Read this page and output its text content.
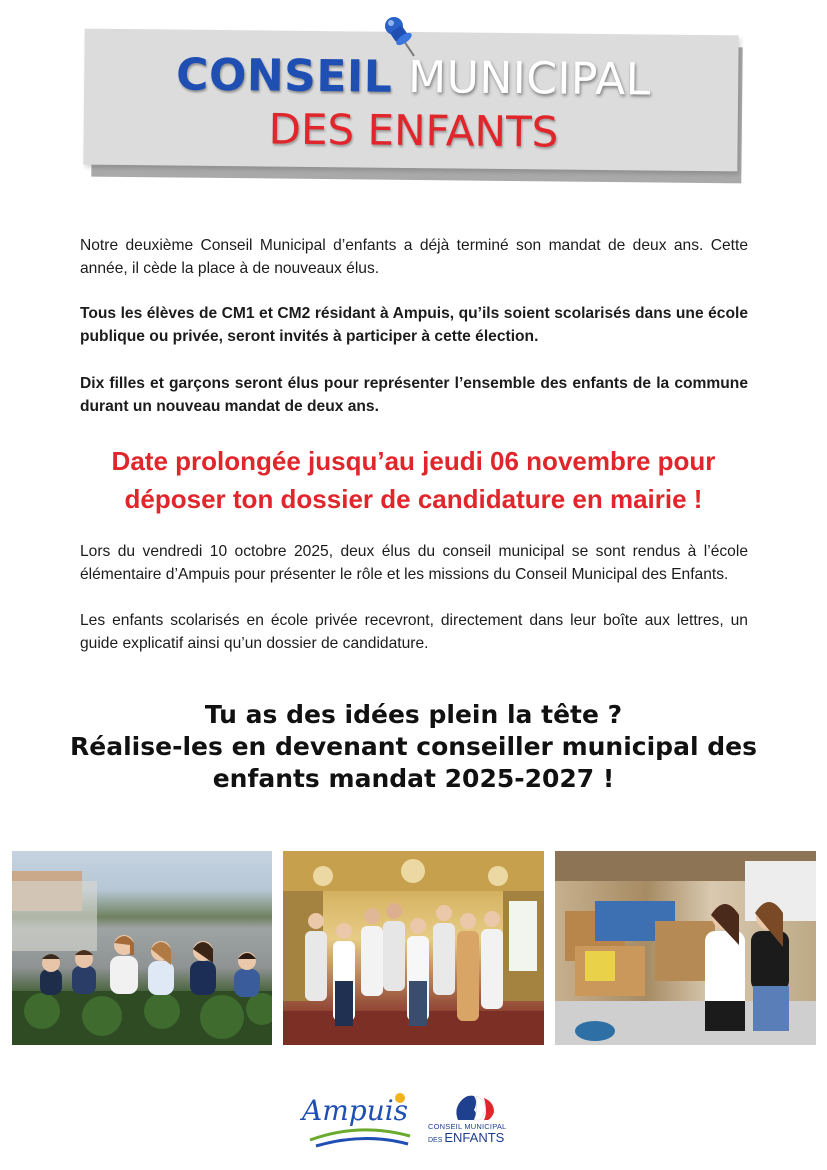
CONSEIL MUNICIPAL
DES ENFANTS

Notre deuxième Conseil Municipal d’enfants a déjà terminé son mandat de deux ans. Cette année, il cède la place à de nouveaux élus.

Tous les élèves de CM1 et CM2 résidant à Ampuis, qu’ils soient scolarisés dans une école publique ou privée, seront invités à participer à cette élection.

Dix filles et garçons seront élus pour représenter l’ensemble des enfants de la commune durant un nouveau mandat de deux ans.

Date prolongée jusqu’au jeudi 06 novembre pour
déposer ton dossier de candidature en mairie !

Lors du vendredi 10 octobre 2025, deux élus du conseil municipal se sont rendus à l’école élémentaire d’Ampuis pour présenter le rôle et les missions du Conseil Municipal des Enfants.

Les enfants scolarisés en école privée recevront, directement dans leur boîte aux lettres, un guide explicatif ainsi qu’un dossier de candidature.

Tu as des idées plein la tête ?
Réalise-les en devenant conseiller municipal des
enfants mandat 2025-2027 !
Ampuis	CONSEIL MUNICIPAL
DES ENFANTS
